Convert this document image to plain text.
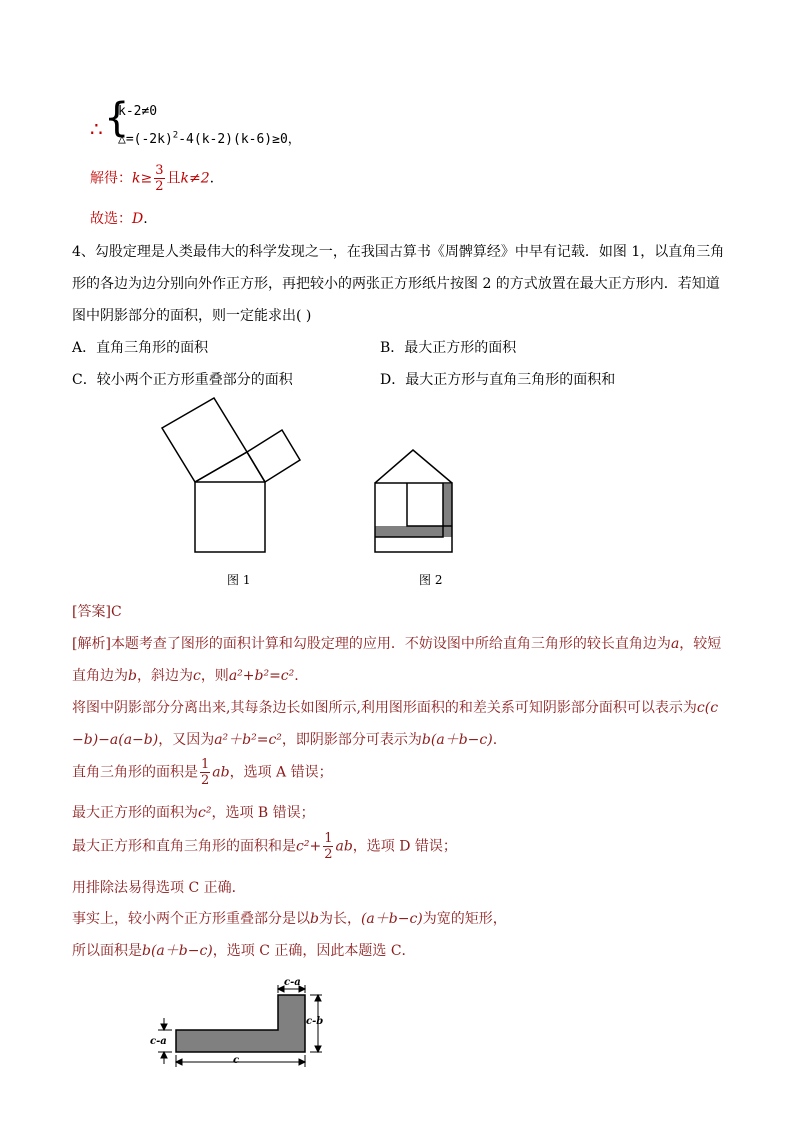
∴ {
k-2≠0
$\triangle=(-2k)^2-4(k-2)(k-6)\ge 0$，
解得：$k\ge \frac{3}{2}$ 且k≠2.
故选：D.
4、勾股定理是人类最伟大的科学发现之一，在我国古算书《周髀算经》中早有记载．如图 1，以直角三角
形的各边为边分别向外作正方形，再把较小的两张正方形纸片按图 2 的方式放置在最大正方形内．若知道
图中阴影部分的面积，则一定能求出( )
A．直角三角形的面积	B．最大正方形的面积
C．较小两个正方形重叠部分的面积	D．最大正方形与直角三角形的面积和
图 1	图 2
[答案]C
[解析]本题考查了图形的面积计算和勾股定理的应用．不妨设图中所给直角三角形的较长直角边为a，较短
直角边为b，斜边为c，则a²+b²=c².
将图中阴影部分分离出来,其每条边长如图所示,利用图形面积的和差关系可知阴影部分面积可以表示为c(c
−b)−a(a−b)，又因为a²＋b²=c²，即阴影部分可表示为b(a＋b−c).
直角三角形的面积是 $\frac{1}{2}$ ab，选项 A 错误；
最大正方形的面积为c²，选项 B 错误；
最大正方形和直角三角形的面积和是$c^2+ \frac{1}{2}$ ab，选项 D 错误；
用排除法易得选项 C 正确．
事实上，较小两个正方形重叠部分是以b为长，(a＋b−c)为宽的矩形，
所以面积是b(a＋b−c)，选项 C 正确，因此本题选 C．
c-a
c-b
c-a
c
